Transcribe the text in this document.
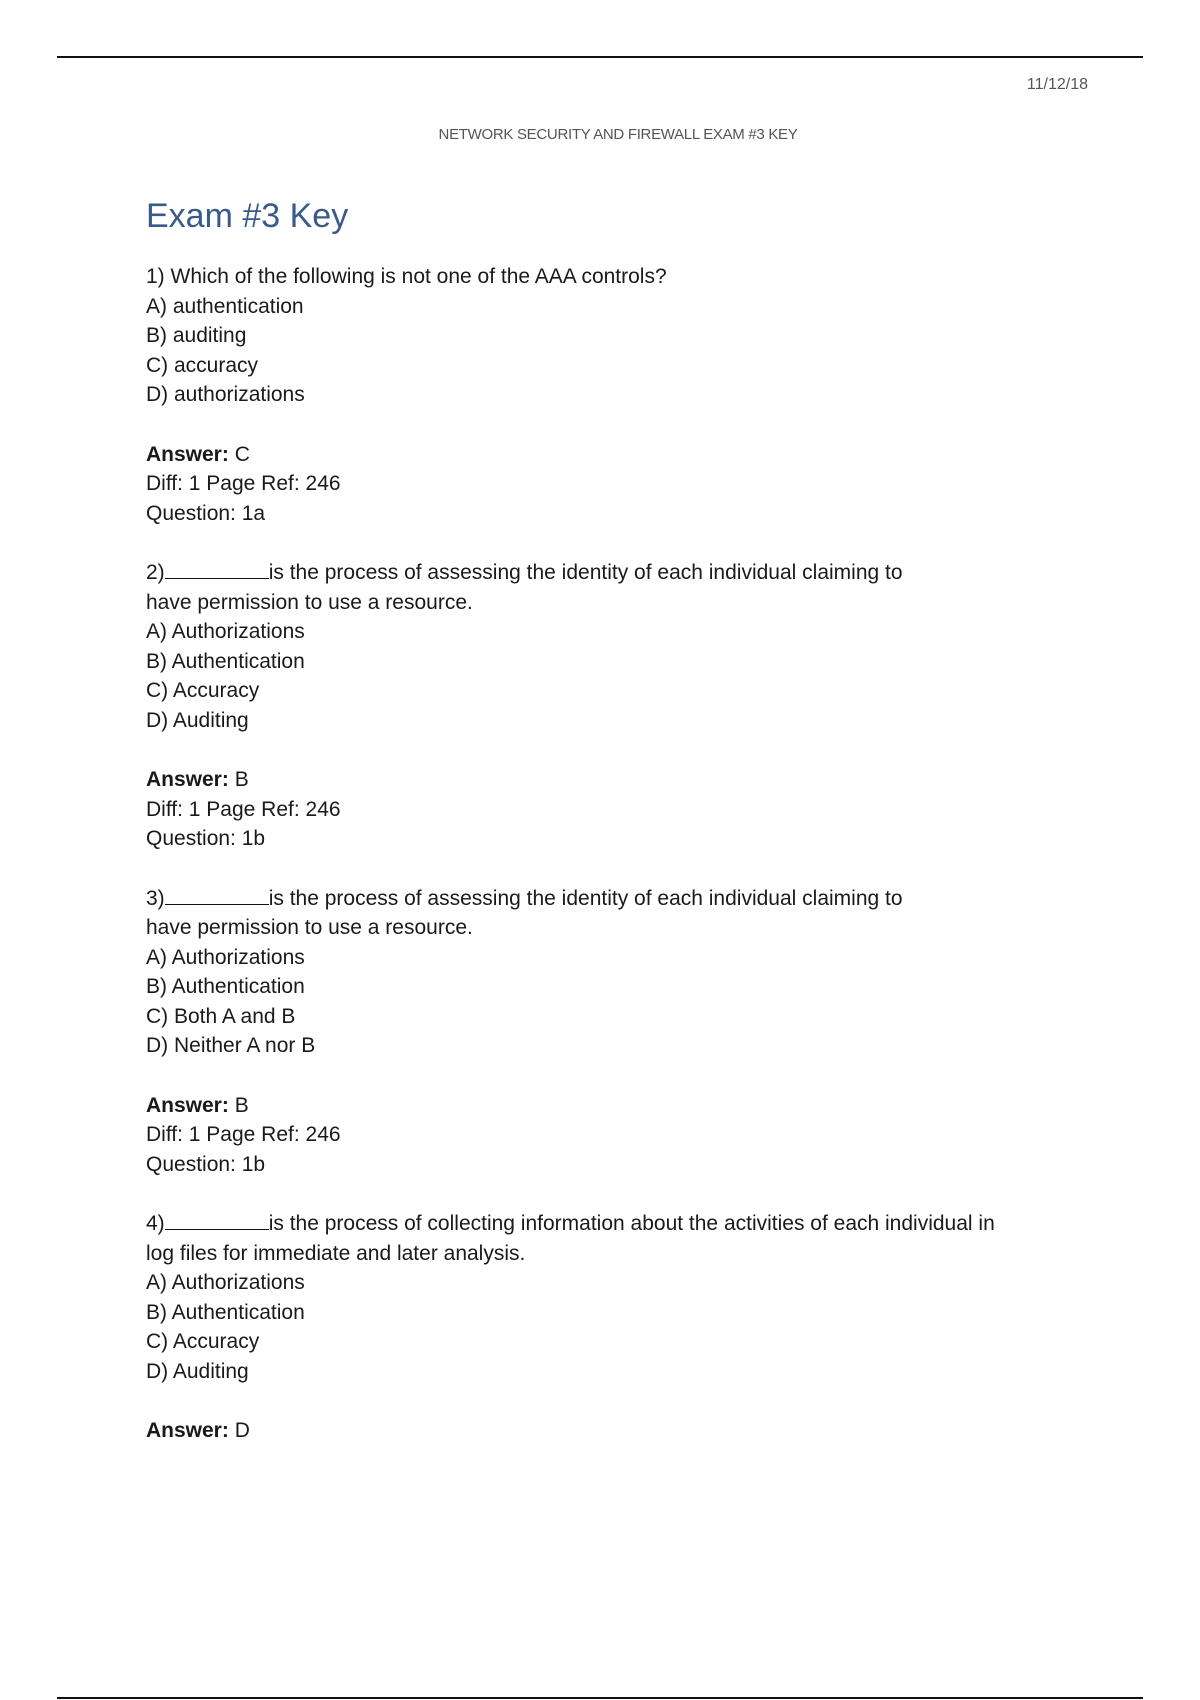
11/12/18
NETWORK SECURITY AND FIREWALL EXAM #3 KEY
Exam #3 Key

1) Which of the following is not one of the AAA controls?

A) authentication

B) auditing

C) accuracy

D) authorizations

Answer: C

Diff: 1 Page Ref: 246

Question: 1a

2)	is the process of assessing the identity of each individual claiming to

have permission to use a resource.

A) Authorizations

B) Authentication

C) Accuracy

D) Auditing

Answer: B

Diff: 1 Page Ref: 246

Question: 1b

3)	is the process of assessing the identity of each individual claiming to

have permission to use a resource.

A) Authorizations

B) Authentication

C) Both A and B

D) Neither A nor B

Answer: B

Diff: 1 Page Ref: 246

Question: 1b

4)	is the process of collecting information about the activities of each individual in

log files for immediate and later analysis.

A) Authorizations

B) Authentication

C) Accuracy

D) Auditing

Answer: D
